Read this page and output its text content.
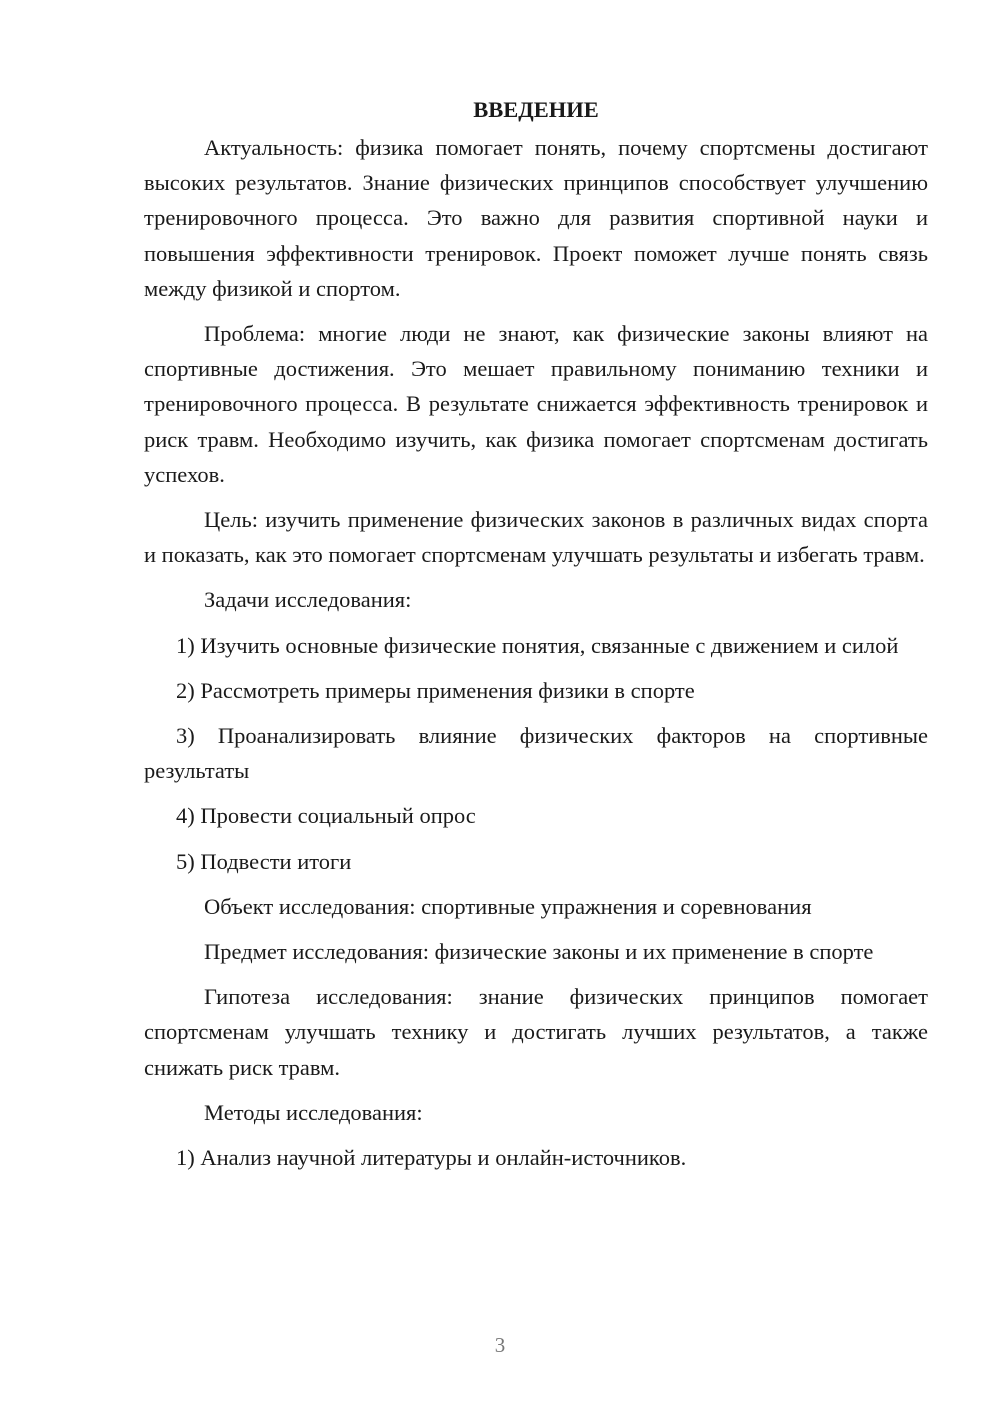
ВВЕДЕНИЕ

Актуальность: физика помогает понять, почему спортсмены достигают высоких результатов. Знание физических принципов способствует улучшению тренировочного процесса. Это важно для развития спортивной науки и повышения эффективности тренировок. Проект поможет лучше понять связь между физикой и спортом.

Проблема: многие люди не знают, как физические законы влияют на спортивные достижения. Это мешает правильному пониманию техники и тренировочного процесса. В результате снижается эффективность тренировок и риск травм. Необходимо изучить, как физика помогает спортсменам достигать успехов.

Цель: изучить применение физических законов в различных видах спорта и показать, как это помогает спортсменам улучшать результаты и избегать травм.

Задачи исследования:

1) Изучить основные физические понятия, связанные с движением и силой

2) Рассмотреть примеры применения физики в спорте

3) Проанализировать влияние физических факторов на спортивные результаты

4) Провести социальный опрос

5) Подвести итоги

Объект исследования: спортивные упражнения и соревнования

Предмет исследования: физические законы и их применение в спорте

Гипотеза исследования: знание физических принципов помогает спортсменам улучшать технику и достигать лучших результатов, а также снижать риск травм.

Методы исследования:

1) Анализ научной литературы и онлайн-источников.

3
